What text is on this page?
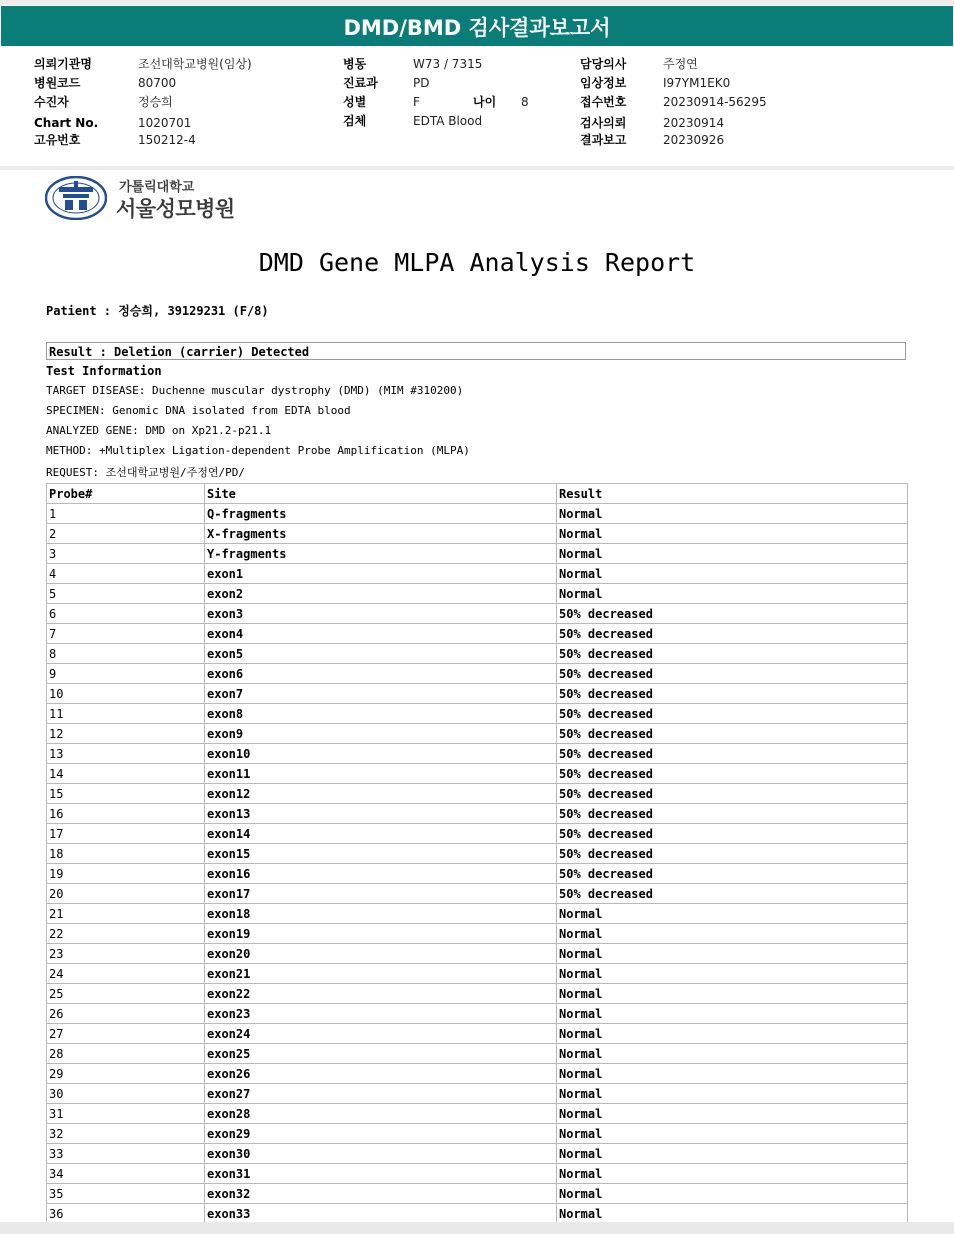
DMD/BMD 검사결과보고서
의뢰기관명	조선대학교병원(임상)
병원코드	80700
수진자	정승희
Chart No.	1020701
고유번호	150212-4
병동	W73 / 7315
진료과	PD
성별	F	나이 8
검체	EDTA Blood
담당의사	주정연
임상정보	I97YM1EK0
접수번호	20230914-56295
검사의뢰	20230914
결과보고	20230926
가톨릭대학교
서울성모병원
DMD Gene MLPA Analysis Report
Patient : 정승희, 39129231 (F/8)
Result : Deletion (carrier) Detected
Test Information
TARGET DISEASE: Duchenne muscular dystrophy (DMD) (MIM #310200)
SPECIMEN: Genomic DNA isolated from EDTA blood
ANALYZED GENE: DMD on Xp21.2-p21.1
METHOD: +Multiplex Ligation-dependent Probe Amplification (MLPA)
REQUEST: 조선대학교병원/주정연/PD/
Probe#	Site	Result
1	Q-fragments	Normal
2	X-fragments	Normal
3	Y-fragments	Normal
4	exon1	Normal
5	exon2	Normal
6	exon3	50% decreased
7	exon4	50% decreased
8	exon5	50% decreased
9	exon6	50% decreased
10	exon7	50% decreased
11	exon8	50% decreased
12	exon9	50% decreased
13	exon10	50% decreased
14	exon11	50% decreased
15	exon12	50% decreased
16	exon13	50% decreased
17	exon14	50% decreased
18	exon15	50% decreased
19	exon16	50% decreased
20	exon17	50% decreased
21	exon18	Normal
22	exon19	Normal
23	exon20	Normal
24	exon21	Normal
25	exon22	Normal
26	exon23	Normal
27	exon24	Normal
28	exon25	Normal
29	exon26	Normal
30	exon27	Normal
31	exon28	Normal
32	exon29	Normal
33	exon30	Normal
34	exon31	Normal
35	exon32	Normal
36	exon33	Normal
